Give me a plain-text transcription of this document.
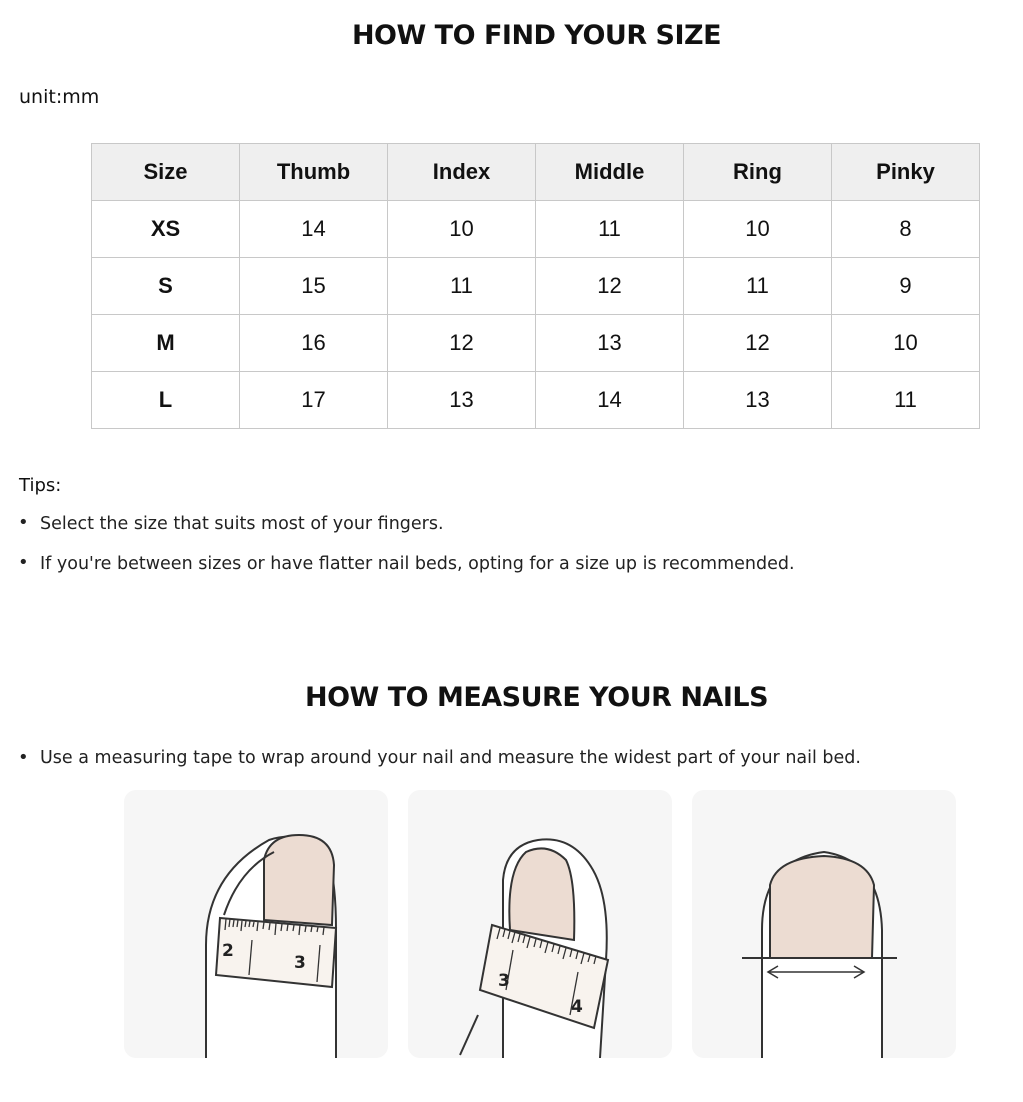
HOW TO FIND YOUR SIZE
unit:mm
Size	Thumb	Index	Middle	Ring	Pinky
XS	14	10	11	10	8
S	15	11	12	11	9
M	16	12	13	12	10
L	17	13	14	13	11
Tips:
• Select the size that suits most of your fingers.
• If you're between sizes or have flatter nail beds, opting for a size up is recommended.
HOW TO MEASURE YOUR NAILS
• Use a measuring tape to wrap around your nail and measure the widest part of your nail bed.
2
3
3
4
